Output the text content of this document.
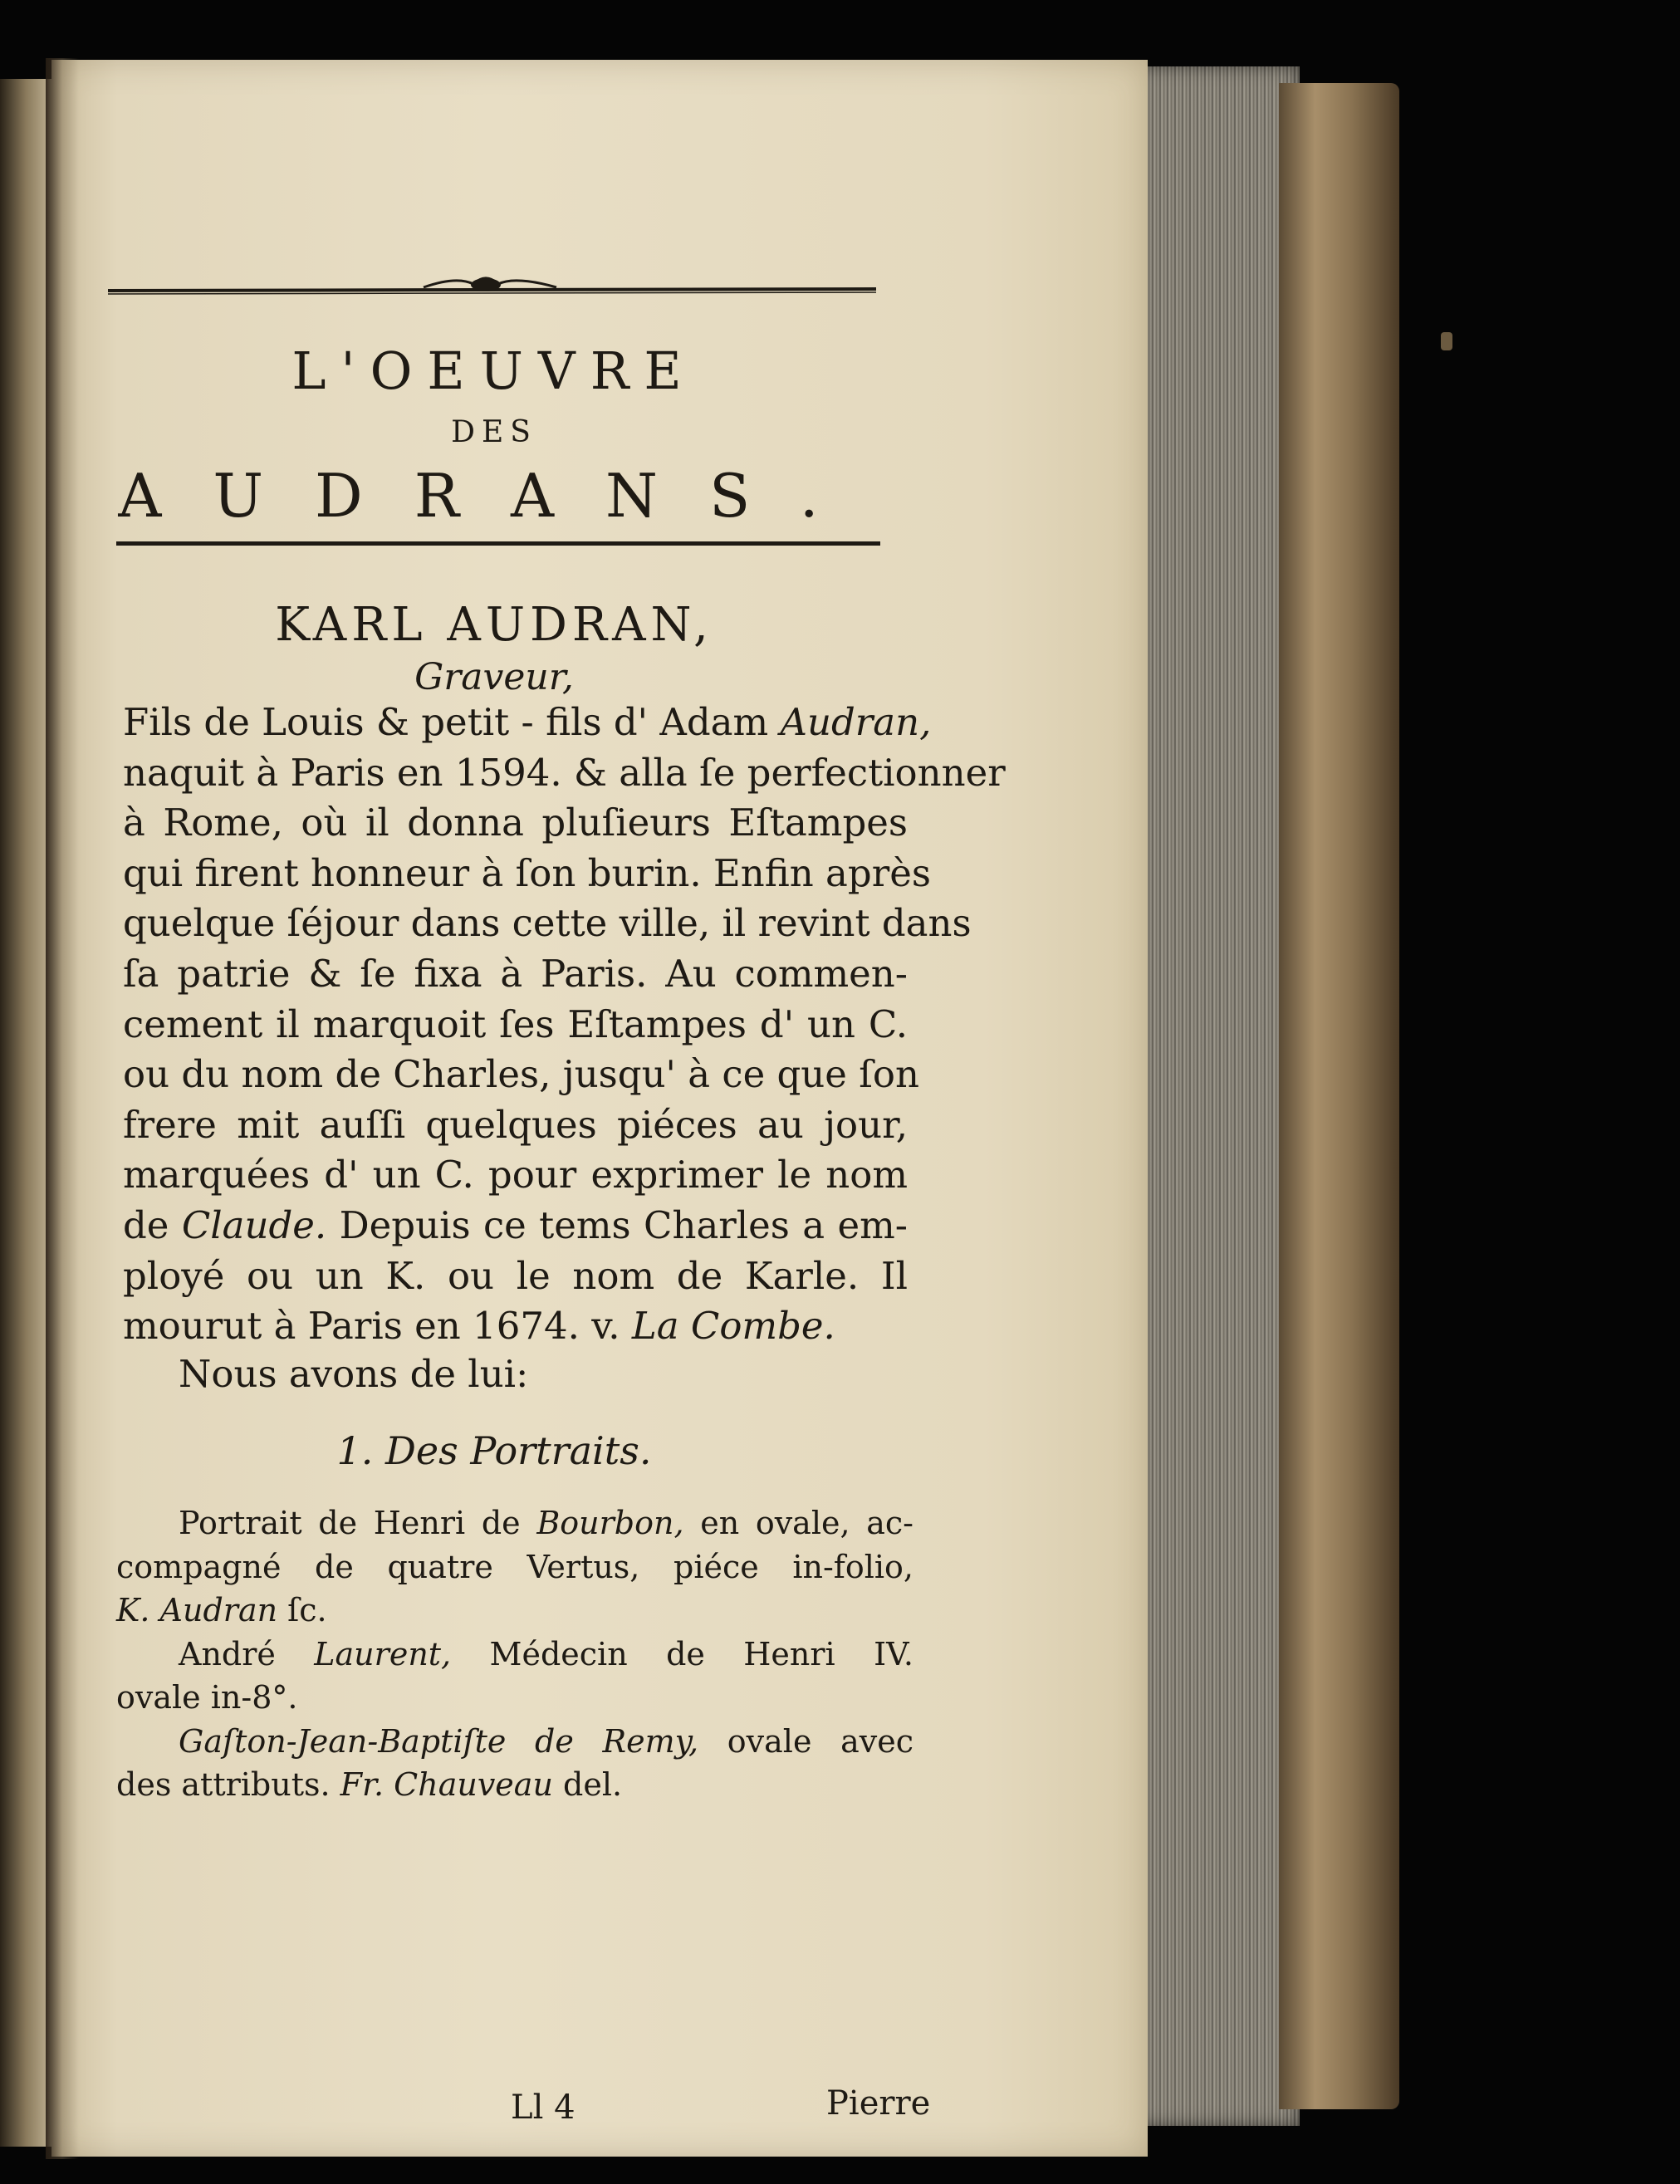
L'OEUVRE
DES
AUDRANS.
KARL AUDRAN,
Graveur,
Fils de Louis & petit - fils d' Adam Audran,
naquit à Paris en 1594. & alla ſe perfectionner
à Rome, où il donna pluſieurs Eſtampes
qui firent honneur à ſon burin. Enfin après
quelque ſéjour dans cette ville, il revint dans
ſa patrie & ſe fixa à Paris. Au commen-
cement il marquoit ſes Eſtampes d' un C.
ou du nom de Charles, jusqu' à ce que ſon
frere mit auſſi quelques piéces au jour,
marquées d' un C. pour exprimer le nom
de Claude. Depuis ce tems Charles a em-
ployé ou un K. ou le nom de Karle. Il
mourut à Paris en 1674. v. La Combe.
Nous avons de lui:
1. Des Portraits.
Portrait de Henri de Bourbon, en ovale, ac-
compagné de quatre Vertus, piéce in-folio,
K. Audran ſc.
André Laurent, Médecin de Henri IV.
ovale in-8°.
Gaſton-Jean-Baptiſte de Remy, ovale avec
des attributs. Fr. Chauveau del.
Ll 4	Pierre
